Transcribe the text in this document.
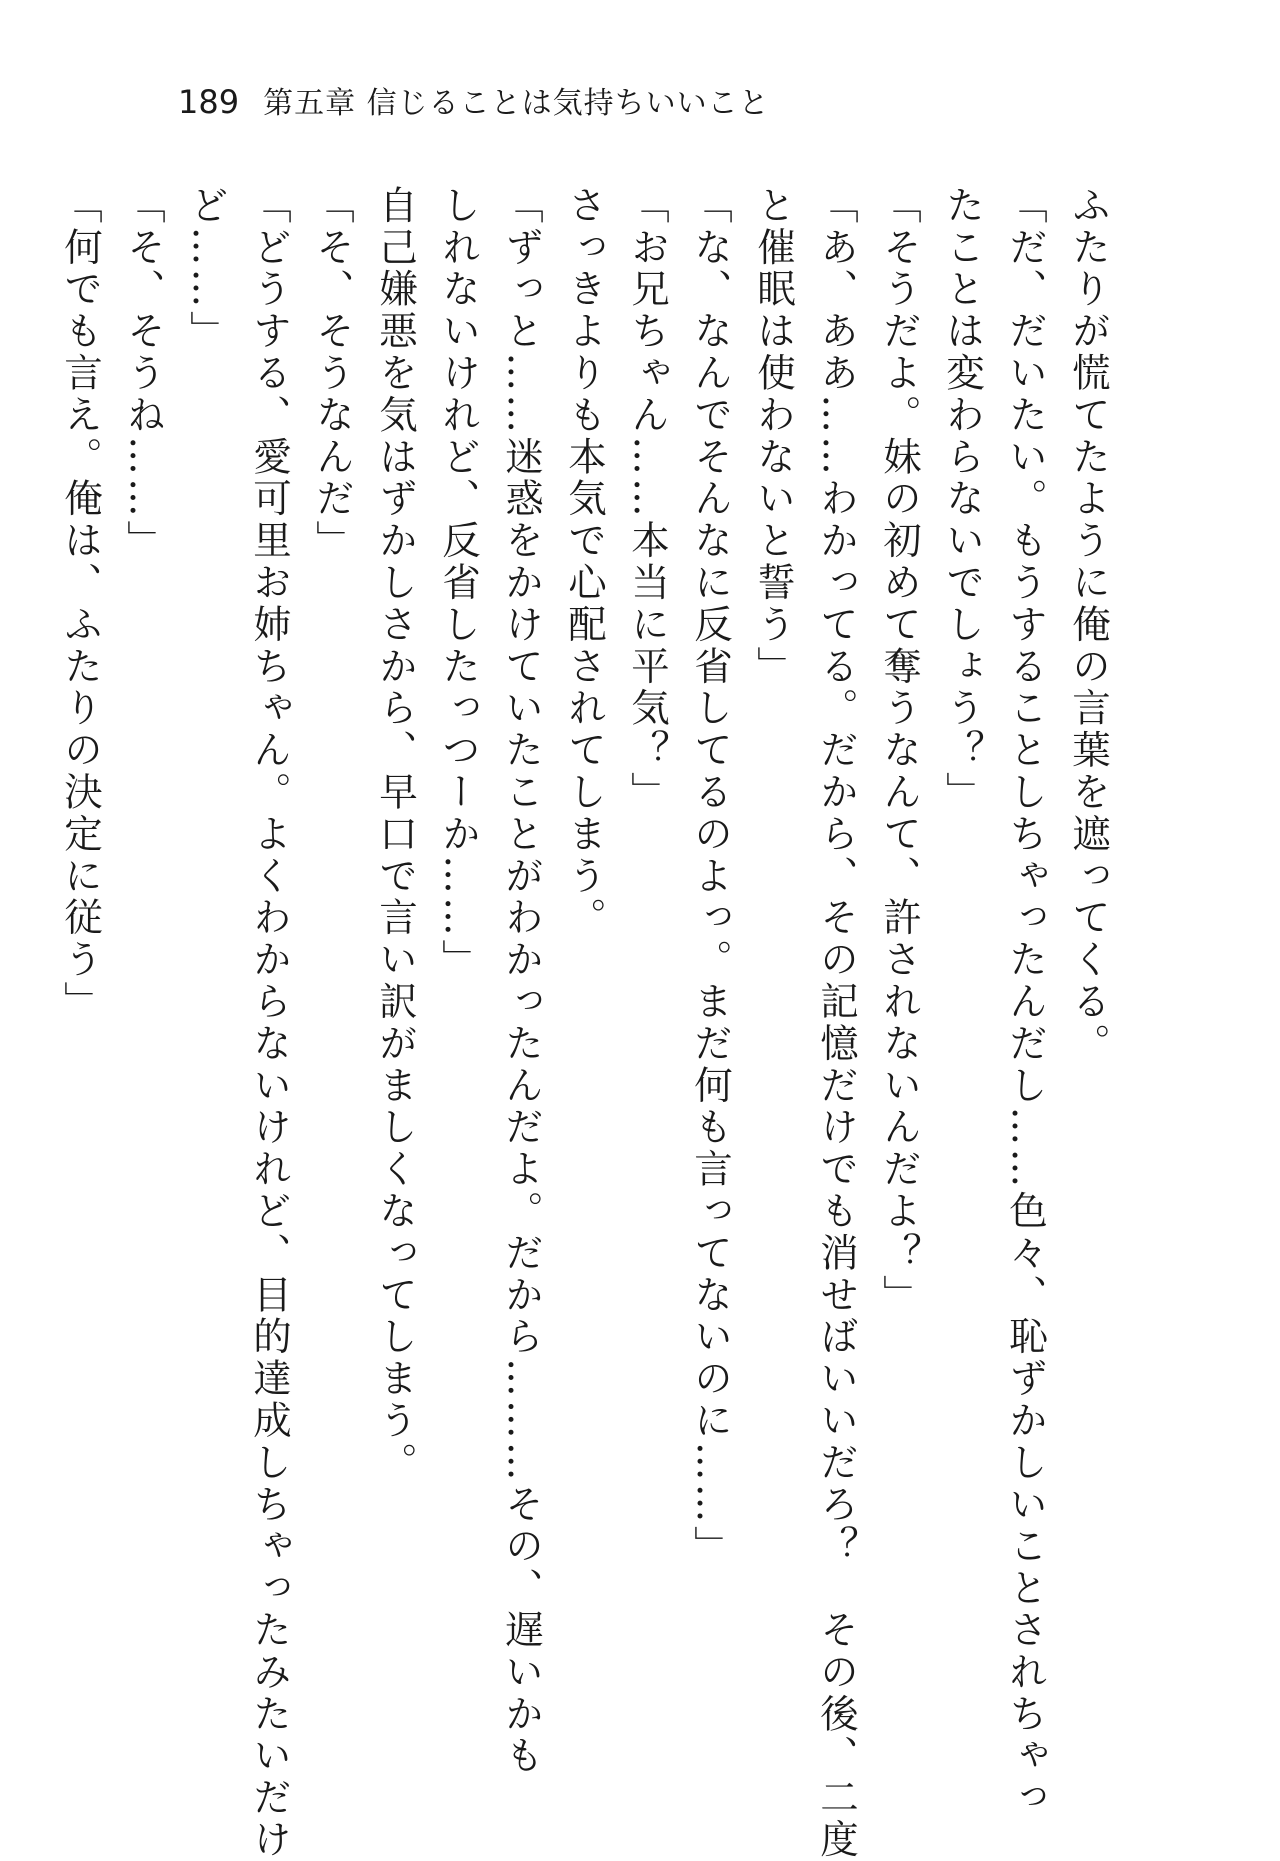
189 第五章 信じることは気持ちいいこと
ふたりが慌てたように俺の言葉を遮ってくる。
「だ、だいたい。もうすることしちゃったんだし……色々、恥ずかしいことされちゃっ
たことは変わらないでしょう？」
「そうだよ。妹の初めて奪うなんて、許されないんだよ？」
「あ、ああ……わかってる。だから、その記憶だけでも消せばいいだろ？　その後、二度
と催眠は使わないと誓う」
「な、なんでそんなに反省してるのよっ。まだ何も言ってないのに……」
「お兄ちゃん……本当に平気？」
さっきよりも本気で心配されてしまう。
「ずっと……迷惑をかけていたことがわかったんだよ。だから………その、遅いかも
しれないけれど、反省したっつーか……」
自己嫌悪を気はずかしさから、早口で言い訳がましくなってしまう。
「そ、そうなんだ」
「どうする、愛可里お姉ちゃん。よくわからないけれど、目的達成しちゃったみたいだけ
ど……」
「そ、そうね……」
「何でも言え。俺は、ふたりの決定に従う」
